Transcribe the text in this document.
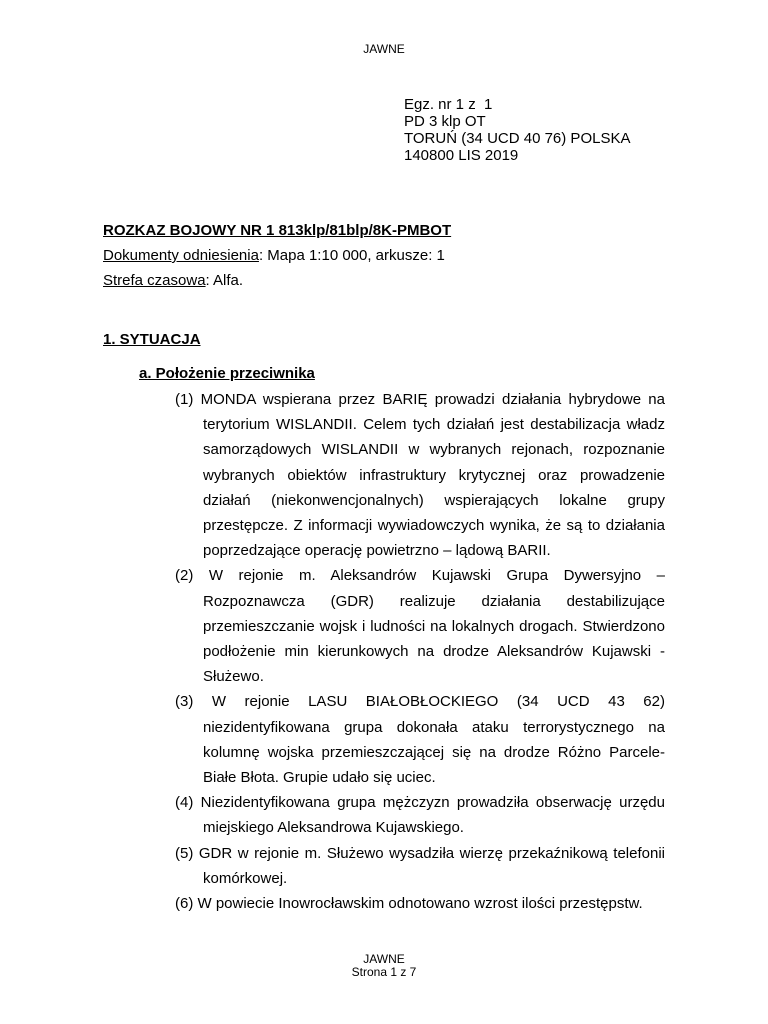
JAWNE
Egz. nr 1 z  1
PD 3 klp OT
TORUŃ (34 UCD 40 76) POLSKA
140800 LIS 2019
ROZKAZ BOJOWY NR 1 813klp/81blp/8K-PMBOT
Dokumenty odniesienia: Mapa 1:10 000, arkusze: 1
Strefa czasowa: Alfa.
1. SYTUACJA
a. Położenie przeciwnika
(1) MONDA wspierana przez BARIĘ prowadzi działania hybrydowe na terytorium WISLANDII. Celem tych działań jest destabilizacja władz samorządowych WISLANDII w wybranych rejonach, rozpoznanie wybranych obiektów infrastruktury krytycznej oraz prowadzenie działań (niekonwencjonalnych) wspierających lokalne grupy przestępcze. Z informacji wywiadowczych wynika, że są to działania poprzedzające operację powietrzno – lądową BARII.
(2) W rejonie m. Aleksandrów Kujawski Grupa Dywersyjno – Rozpoznawcza (GDR) realizuje działania destabilizujące przemieszczanie wojsk i ludności na lokalnych drogach. Stwierdzono podłożenie min kierunkowych na drodze Aleksandrów Kujawski - Służewo.
(3) W rejonie LASU BIAŁOBŁOCKIEGO (34 UCD 43 62) niezidentyfikowana grupa dokonała ataku terrorystycznego na kolumnę wojska przemieszczającej się na drodze Różno Parcele-Białe Błota. Grupie udało się uciec.
(4) Niezidentyfikowana grupa mężczyzn prowadziła obserwację urzędu miejskiego Aleksandrowa Kujawskiego.
(5) GDR w rejonie m. Służewo wysadziła wierzę przekaźnikową telefonii komórkowej.
(6) W powiecie Inowrocławskim odnotowano wzrost ilości przestępstw.
JAWNE
Strona 1 z 7
